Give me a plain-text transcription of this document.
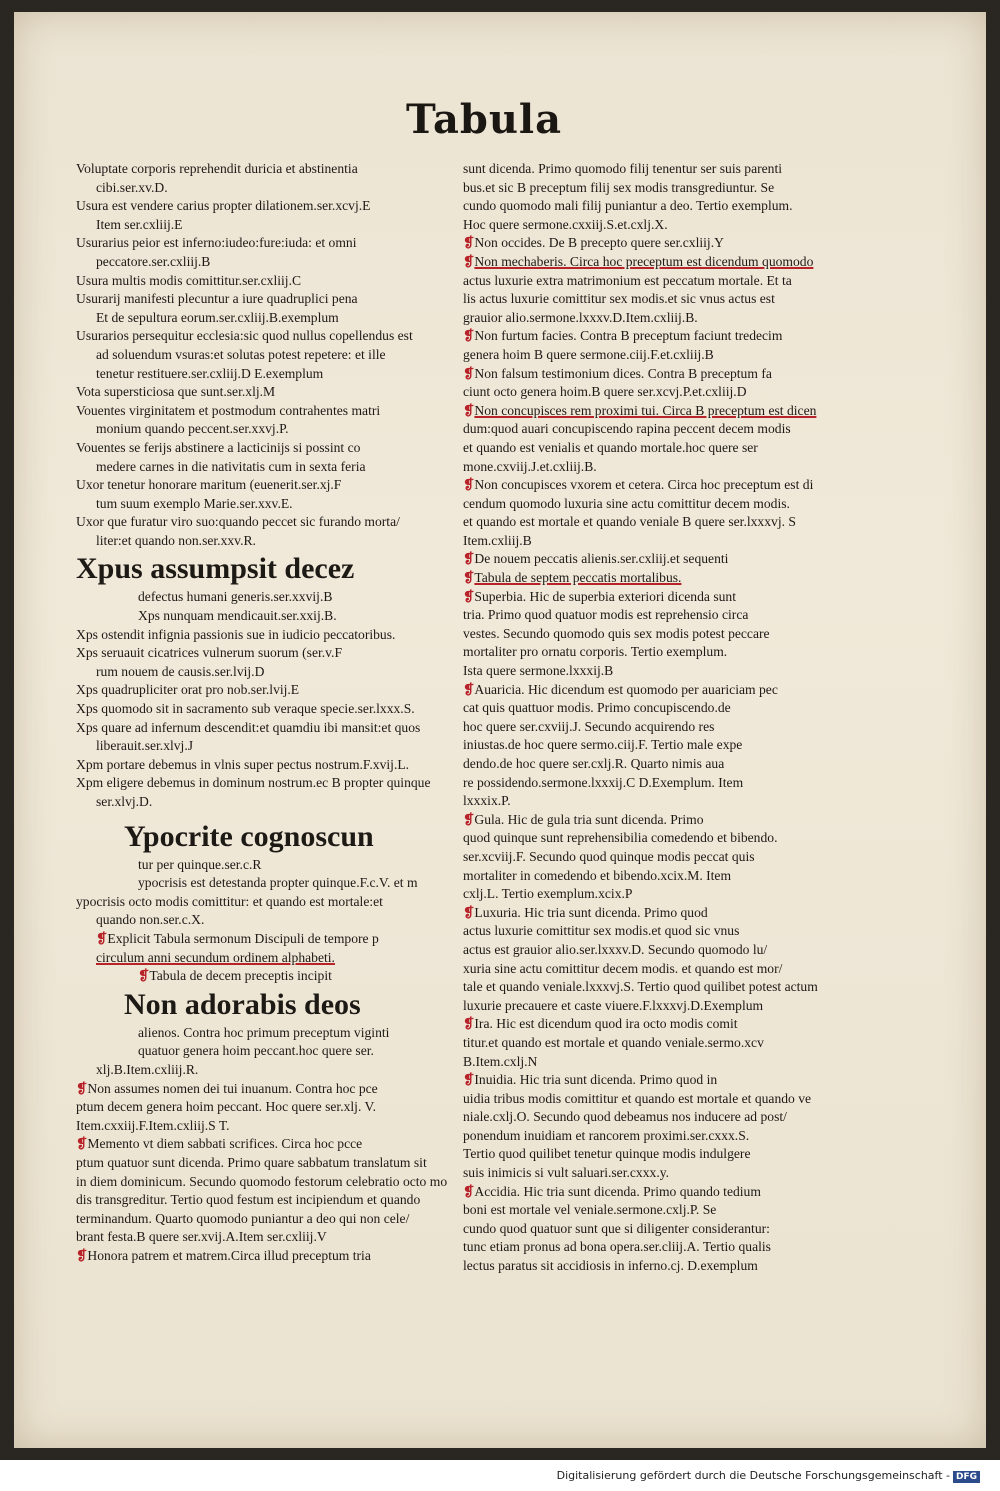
Tabula
Voluptate corporis reprehendit duricia et abstinentia
cibi.ser.xv.D.
Usura est vendere carius propter dilationem.ser.xcvj.E
Item ser.cxliij.E
Usurarius peior est inferno:iudeo:fure:iuda: et omni
peccatore.ser.cxliij.B
Usura multis modis comittitur.ser.cxliij.C
Usurarij manifesti plecuntur a iure quadruplici pena
Et de sepultura eorum.ser.cxliij.B.exemplum
Usurarios persequitur ecclesia:sic quod nullus copellendus est
ad soluendum vsuras:et solutas potest repetere: et ille
tenetur restituere.ser.cxliij.D E.exemplum
Vota supersticiosa que sunt.ser.xlj.M
Vouentes virginitatem et postmodum contrahentes matri
monium quando peccent.ser.xxvj.P.
Vouentes se ferijs abstinere a lacticinijs si possint co
medere carnes in die nativitatis cum in sexta feria
Uxor tenetur honorare maritum (euenerit.ser.xj.F
tum suum exemplo Marie.ser.xxv.E.
Uxor que furatur viro suo:quando peccet sic furando morta/
liter:et quando non.ser.xxv.R.
Xpus assumpsit decez
defectus humani generis.ser.xxvij.B
Xps nunquam mendicauit.ser.xxij.B.
Xps ostendit infignia passionis sue in iudicio peccatoribus.
Xps seruauit cicatrices vulnerum suorum (ser.v.F
rum nouem de causis.ser.lvij.D
Xps quadrupliciter orat pro nob.ser.lvij.E
Xps quomodo sit in sacramento sub veraque specie.ser.lxxx.S.
Xps quare ad infernum descendit:et quamdiu ibi mansit:et quos
liberauit.ser.xlvj.J
Xpm portare debemus in vlnis super pectus nostrum.F.xvij.L.
Xpm eligere debemus in dominum nostrum.ec B propter quinque
ser.xlvj.D.
Ypocrite cognoscun
tur per quinque.ser.c.R
ypocrisis est detestanda propter quinque.F.c.V. et m
ypocrisis octo modis comittitur: et quando est mortale:et
quando non.ser.c.X.
❡Explicit Tabula sermonum Discipuli de tempore p
circulum anni secundum ordinem alphabeti.
❡Tabula de decem preceptis incipit
Non adorabis deos
alienos. Contra hoc primum preceptum viginti
quatuor genera hoim peccant.hoc quere ser.
xlj.B.Item.cxliij.R.
❡Non assumes nomen dei tui inuanum. Contra hoc pce
ptum decem genera hoim peccant. Hoc quere ser.xlj. V.
Item.cxxiij.F.Item.cxliij.S T.
❡Memento vt diem sabbati scrifices. Circa hoc pcce
ptum quatuor sunt dicenda. Primo quare sabbatum translatum sit
in diem dominicum. Secundo quomodo festorum celebratio octo mo
dis transgreditur. Tertio quod festum est incipiendum et quando
terminandum. Quarto quomodo puniantur a deo qui non cele/
brant festa.B quere ser.xvij.A.Item ser.cxliij.V
❡Honora patrem et matrem.Circa illud preceptum tria
sunt dicenda. Primo quomodo filij tenentur ser suis parenti
bus.et sic B preceptum filij sex modis transgrediuntur. Se
cundo quomodo mali filij puniantur a deo. Tertio exemplum.
Hoc quere sermone.cxxiij.S.et.cxlj.X.
❡Non occides. De B precepto quere ser.cxliij.Y
❡Non mechaberis. Circa hoc preceptum est dicendum quomodo
actus luxurie extra matrimonium est peccatum mortale. Et ta
lis actus luxurie comittitur sex modis.et sic vnus actus est
grauior alio.sermone.lxxxv.D.Item.cxliij.B.
❡Non furtum facies. Contra B preceptum faciunt tredecim
genera hoim B quere sermone.ciij.F.et.cxliij.B
❡Non falsum testimonium dices. Contra B preceptum fa
ciunt octo genera hoim.B quere ser.xcvj.P.et.cxliij.D
❡Non concupisces rem proximi tui. Circa B preceptum est dicen
dum:quod auari concupiscendo rapina peccent decem modis
et quando est venialis et quando mortale.hoc quere ser
mone.cxviij.J.et.cxliij.B.
❡Non concupisces vxorem et cetera. Circa hoc preceptum est di
cendum quomodo luxuria sine actu comittitur decem modis.
et quando est mortale et quando veniale B quere ser.lxxxvj. S
Item.cxliij.B
❡De nouem peccatis alienis.ser.cxliij.et sequenti
❡Tabula de septem peccatis mortalibus.
❡Superbia. Hic de superbia exteriori dicenda sunt
tria. Primo quod quatuor modis est reprehensio circa
vestes. Secundo quomodo quis sex modis potest peccare
mortaliter pro ornatu corporis. Tertio exemplum.
Ista quere sermone.lxxxij.B
❡Auaricia. Hic dicendum est quomodo per auariciam pec
cat quis quattuor modis. Primo concupiscendo.de
hoc quere ser.cxviij.J. Secundo acquirendo res
iniustas.de hoc quere sermo.ciij.F. Tertio male expe
dendo.de hoc quere ser.cxlj.R. Quarto nimis aua
re possidendo.sermone.lxxxij.C D.Exemplum. Item
lxxxix.P.
❡Gula. Hic de gula tria sunt dicenda. Primo
quod quinque sunt reprehensibilia comedendo et bibendo.
ser.xcviij.F. Secundo quod quinque modis peccat quis
mortaliter in comedendo et bibendo.xcix.M. Item
cxlj.L. Tertio exemplum.xcix.P
❡Luxuria. Hic tria sunt dicenda. Primo quod
actus luxurie comittitur sex modis.et quod sic vnus
actus est grauior alio.ser.lxxxv.D. Secundo quomodo lu/
xuria sine actu comittitur decem modis. et quando est mor/
tale et quando veniale.lxxxvj.S. Tertio quod quilibet potest actum
luxurie precauere et caste viuere.F.lxxxvj.D.Exemplum
❡Ira. Hic est dicendum quod ira octo modis comit
titur.et quando est mortale et quando veniale.sermo.xcv
B.Item.cxlj.N
❡Inuidia. Hic tria sunt dicenda. Primo quod in
uidia tribus modis comittitur et quando est mortale et quando ve
niale.cxlj.O. Secundo quod debeamus nos inducere ad post/
ponendum inuidiam et rancorem proximi.ser.cxxx.S.
Tertio quod quilibet tenetur quinque modis indulgere
suis inimicis si vult saluari.ser.cxxx.y.
❡Accidia. Hic tria sunt dicenda. Primo quando tedium
boni est mortale vel veniale.sermone.cxlj.P. Se
cundo quod quatuor sunt que si diligenter considerantur:
tunc etiam pronus ad bona opera.ser.cliij.A. Tertio qualis
lectus paratus sit accidiosis in inferno.cj. D.exemplum
Digitalisierung gefördert durch die Deutsche Forschungsgemeinschaft - DFG
